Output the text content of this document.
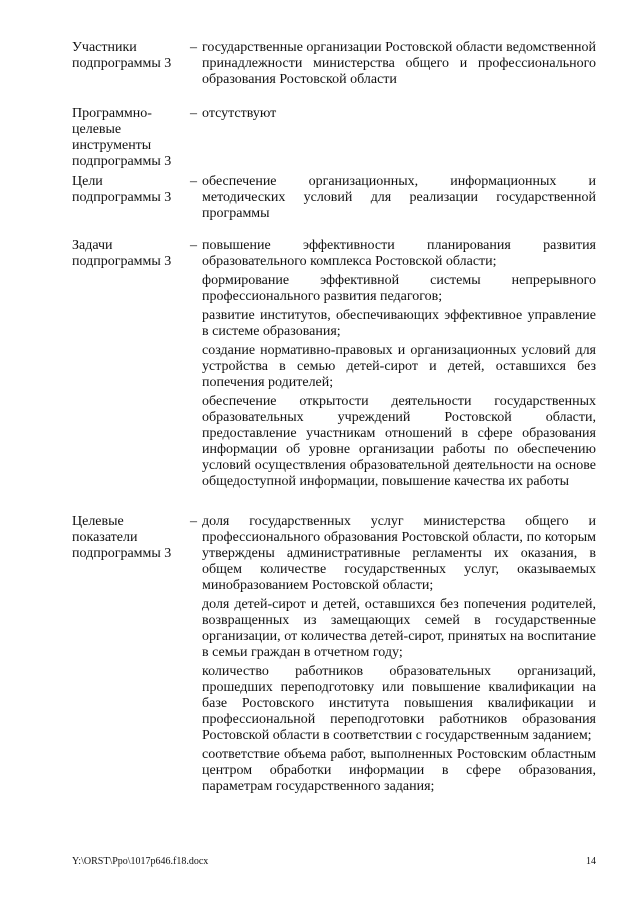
Участники подпрограммы 3
– государственные организации Ростовской области ведомственной принадлежности министерства общего и профессионального образования Ростовской области

Программно-целевые инструменты подпрограммы 3
– отсутствуют

Цели подпрограммы 3
– обеспечение организационных, информационных и методических условий для реализации государственной программы

Задачи подпрограммы 3
– повышение эффективности планирования развития образовательного комплекса Ростовской области;

формирование эффективной системы непрерывного профессионального развития педагогов;

развитие институтов, обеспечивающих эффективное управление в системе образования;

создание нормативно-правовых и организационных условий для устройства в семью детей-сирот и детей, оставшихся без попечения родителей;

обеспечение открытости деятельности государственных образовательных учреждений Ростовской области, предоставление участникам отношений в сфере образования информации об уровне организации работы по обеспечению условий осуществления образовательной деятельности на основе общедоступной информации, повышение качества их работы

Целевые показатели подпрограммы 3
– доля государственных услуг министерства общего и профессионального образования Ростовской области, по которым утверждены административные регламенты их оказания, в общем количестве государственных услуг, оказываемых минобразованием Ростовской области;

доля детей-сирот и детей, оставшихся без попечения родителей, возвращенных из замещающих семей в государственные организации, от количества детей-сирот, принятых на воспитание в семьи граждан в отчетном году;

количество работников образовательных организаций, прошедших переподготовку или повышение квалификации на базе Ростовского института повышения квалификации и профессиональной переподготовки работников образования Ростовской области в соответствии с государственным заданием;

соответствие объема работ, выполненных Ростовским областным центром обработки информации в сфере образования, параметрам государственного задания;

Y:\ORST\Ppo\1017p646.f18.docx	14
